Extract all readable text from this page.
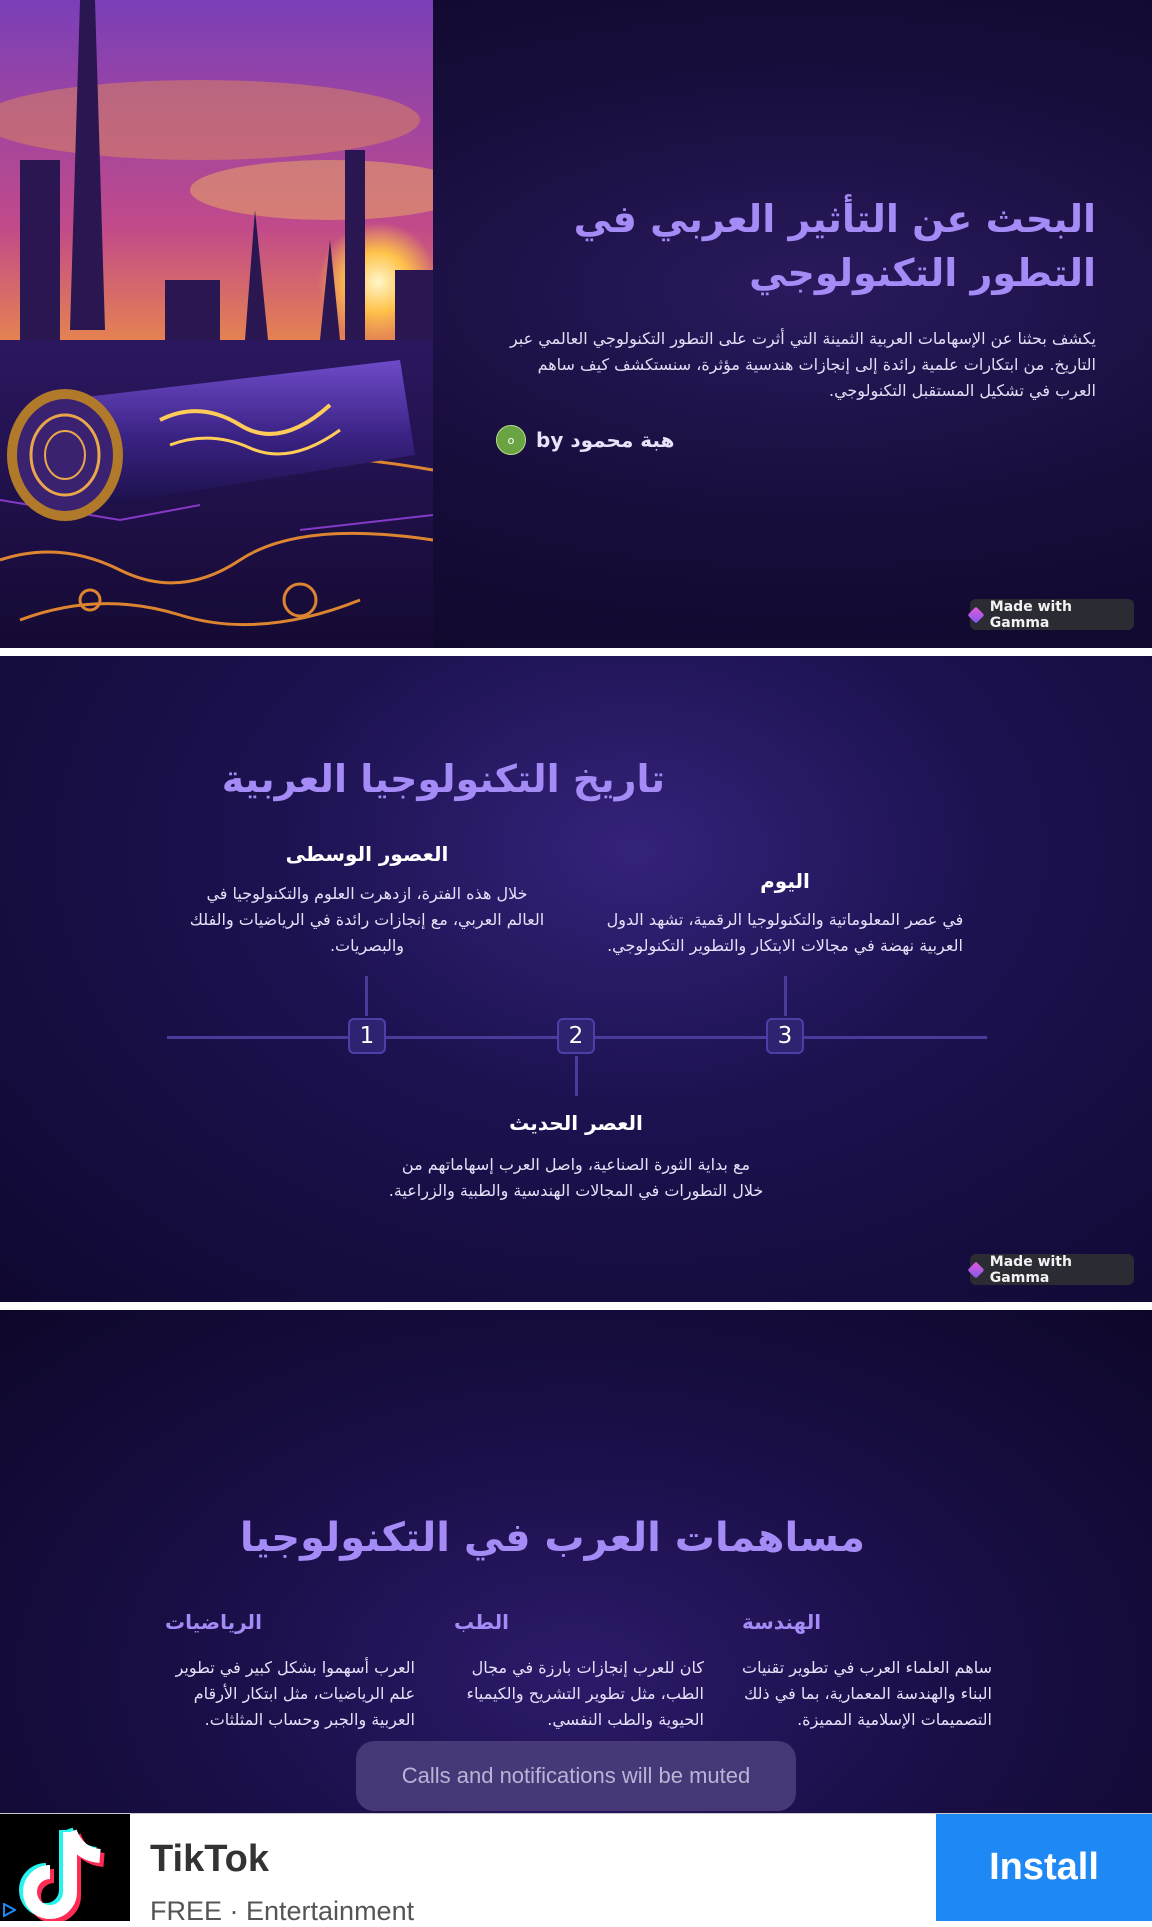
البحث عن التأثير العربي في التطور التكنولوجي
يكشف بحثنا عن الإسهامات العربية الثمينة التي أثرت على التطور التكنولوجي العالمي عبر التاريخ. من ابتكارات علمية رائدة إلى إنجازات هندسية مؤثرة، سنستكشف كيف ساهم العرب في تشكيل المستقبل التكنولوجي.
o	by هبة محمود
Made with Gamma
تاريخ التكنولوجيا العربية
العصور الوسطى
خلال هذه الفترة، ازدهرت العلوم والتكنولوجيا في العالم العربي، مع إنجازات رائدة في الرياضيات والفلك والبصريات.
اليوم
في عصر المعلوماتية والتكنولوجيا الرقمية، تشهد الدول العربية نهضة في مجالات الابتكار والتطوير التكنولوجي.
1	2	3
العصر الحديث
مع بداية الثورة الصناعية، واصل العرب إسهاماتهم من خلال التطورات في المجالات الهندسية والطبية والزراعية.
Made with Gamma
مساهمات العرب في التكنولوجيا
الرياضيات
العرب أسهموا بشكل كبير في تطوير علم الرياضيات، مثل ابتكار الأرقام العربية والجبر وحساب المثلثات.
الطب
كان للعرب إنجازات بارزة في مجال الطب، مثل تطوير التشريح والكيمياء الحيوية والطب النفسي.
الهندسة
ساهم العلماء العرب في تطوير تقنيات البناء والهندسة المعمارية، بما في ذلك التصميمات الإسلامية المميزة.
Calls and notifications will be muted
TikTok
FREE · Entertainment
Install
